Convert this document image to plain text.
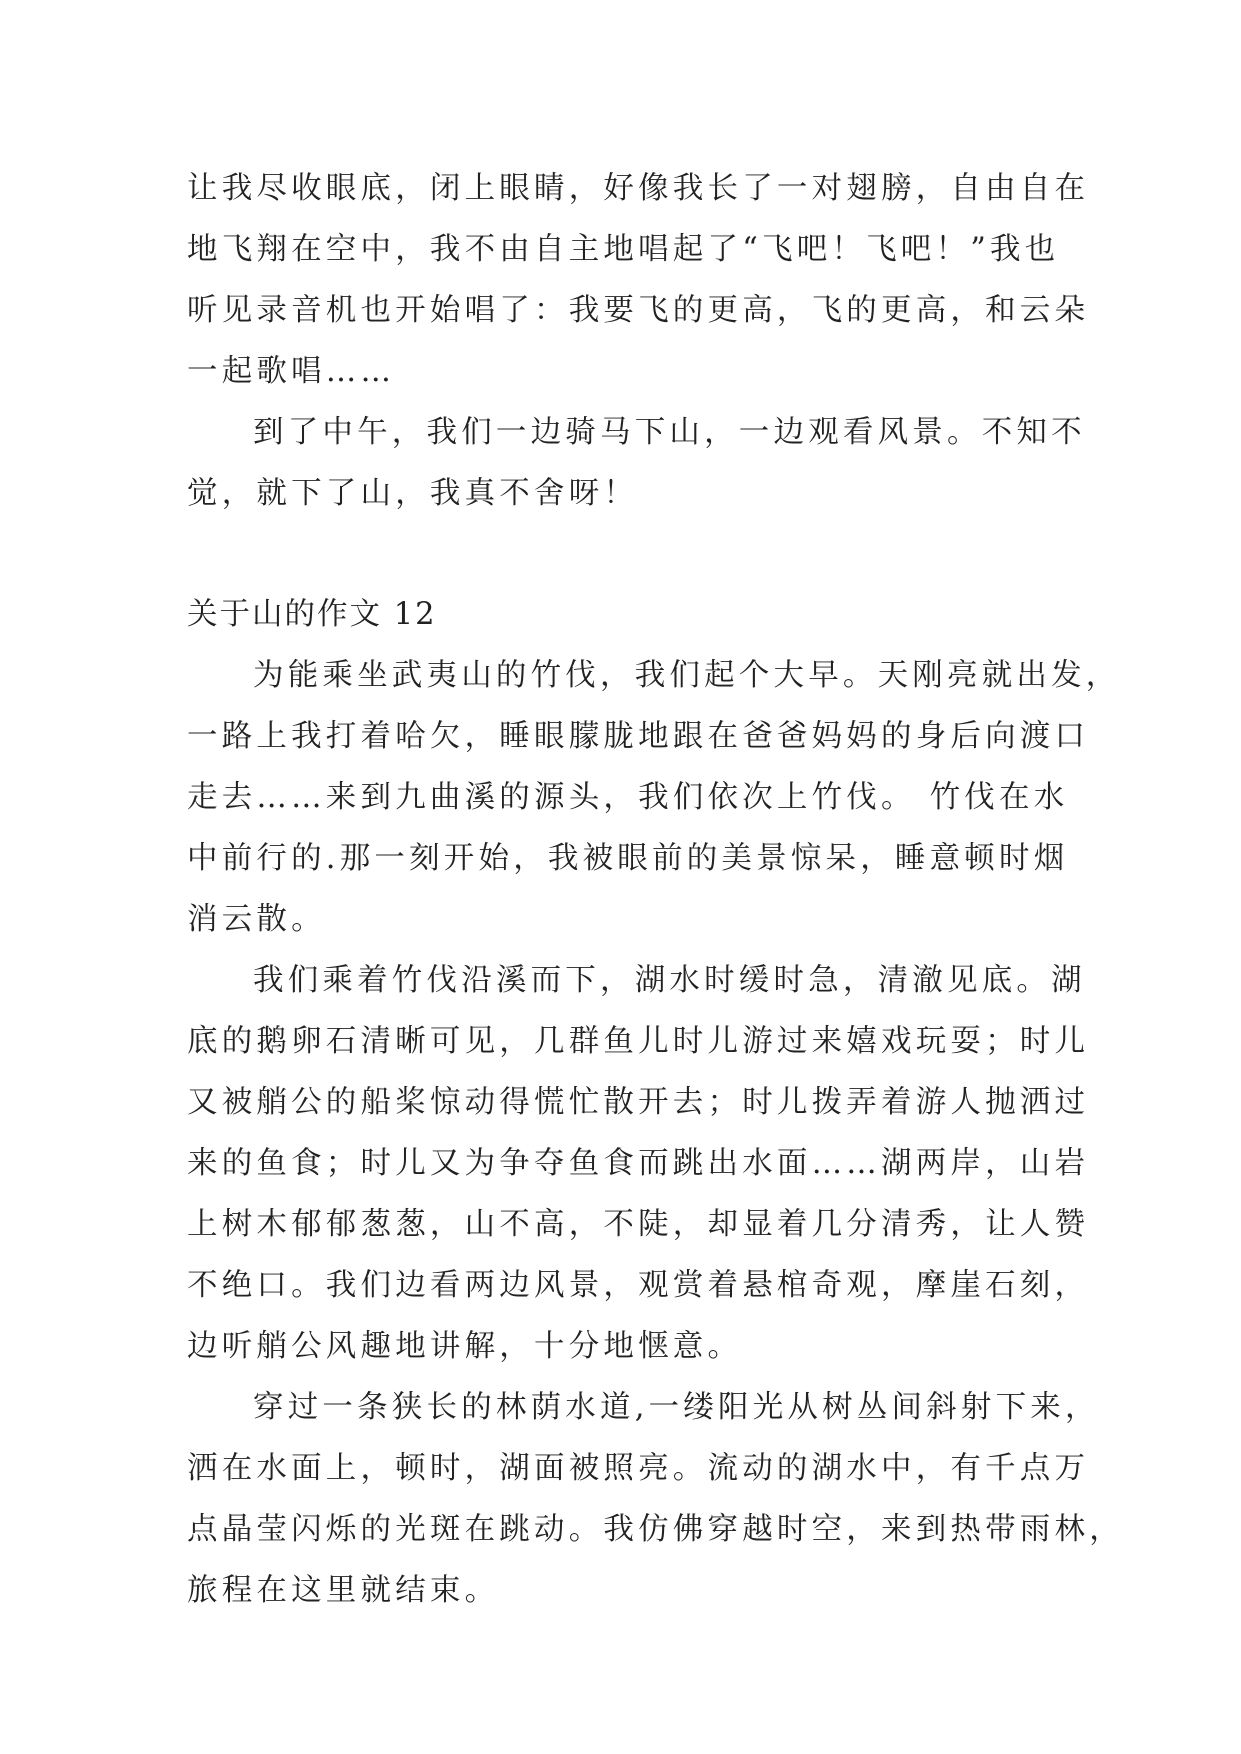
让我尽收眼底，闭上眼睛，好像我长了一对翅膀，自由自在

地飞翔在空中，我不由自主地唱起了“飞吧！飞吧！”我也

听见录音机也开始唱了：我要飞的更高，飞的更高，和云朵

一起歌唱……

到了中午，我们一边骑马下山，一边观看风景。不知不

觉，就下了山，我真不舍呀！

关于山的作文 12

为能乘坐武夷山的竹伐，我们起个大早。天刚亮就出发，

一路上我打着哈欠，睡眼朦胧地跟在爸爸妈妈的身后向渡口

走去……来到九曲溪的源头，我们依次上竹伐。 竹伐在水

中前行的.那一刻开始，我被眼前的美景惊呆，睡意顿时烟

消云散。

我们乘着竹伐沿溪而下，湖水时缓时急，清澈见底。湖

底的鹅卵石清晰可见，几群鱼儿时儿游过来嬉戏玩耍；时儿

又被艄公的船桨惊动得慌忙散开去；时儿拨弄着游人抛洒过

来的鱼食；时儿又为争夺鱼食而跳出水面……湖两岸，山岩

上树木郁郁葱葱，山不高，不陡，却显着几分清秀，让人赞

不绝口。我们边看两边风景，观赏着悬棺奇观，摩崖石刻，

边听艄公风趣地讲解，十分地惬意。

穿过一条狭长的林荫水道,一缕阳光从树丛间斜射下来，

洒在水面上，顿时，湖面被照亮。流动的湖水中，有千点万

点晶莹闪烁的光斑在跳动。我仿佛穿越时空，来到热带雨林，

旅程在这里就结束。
